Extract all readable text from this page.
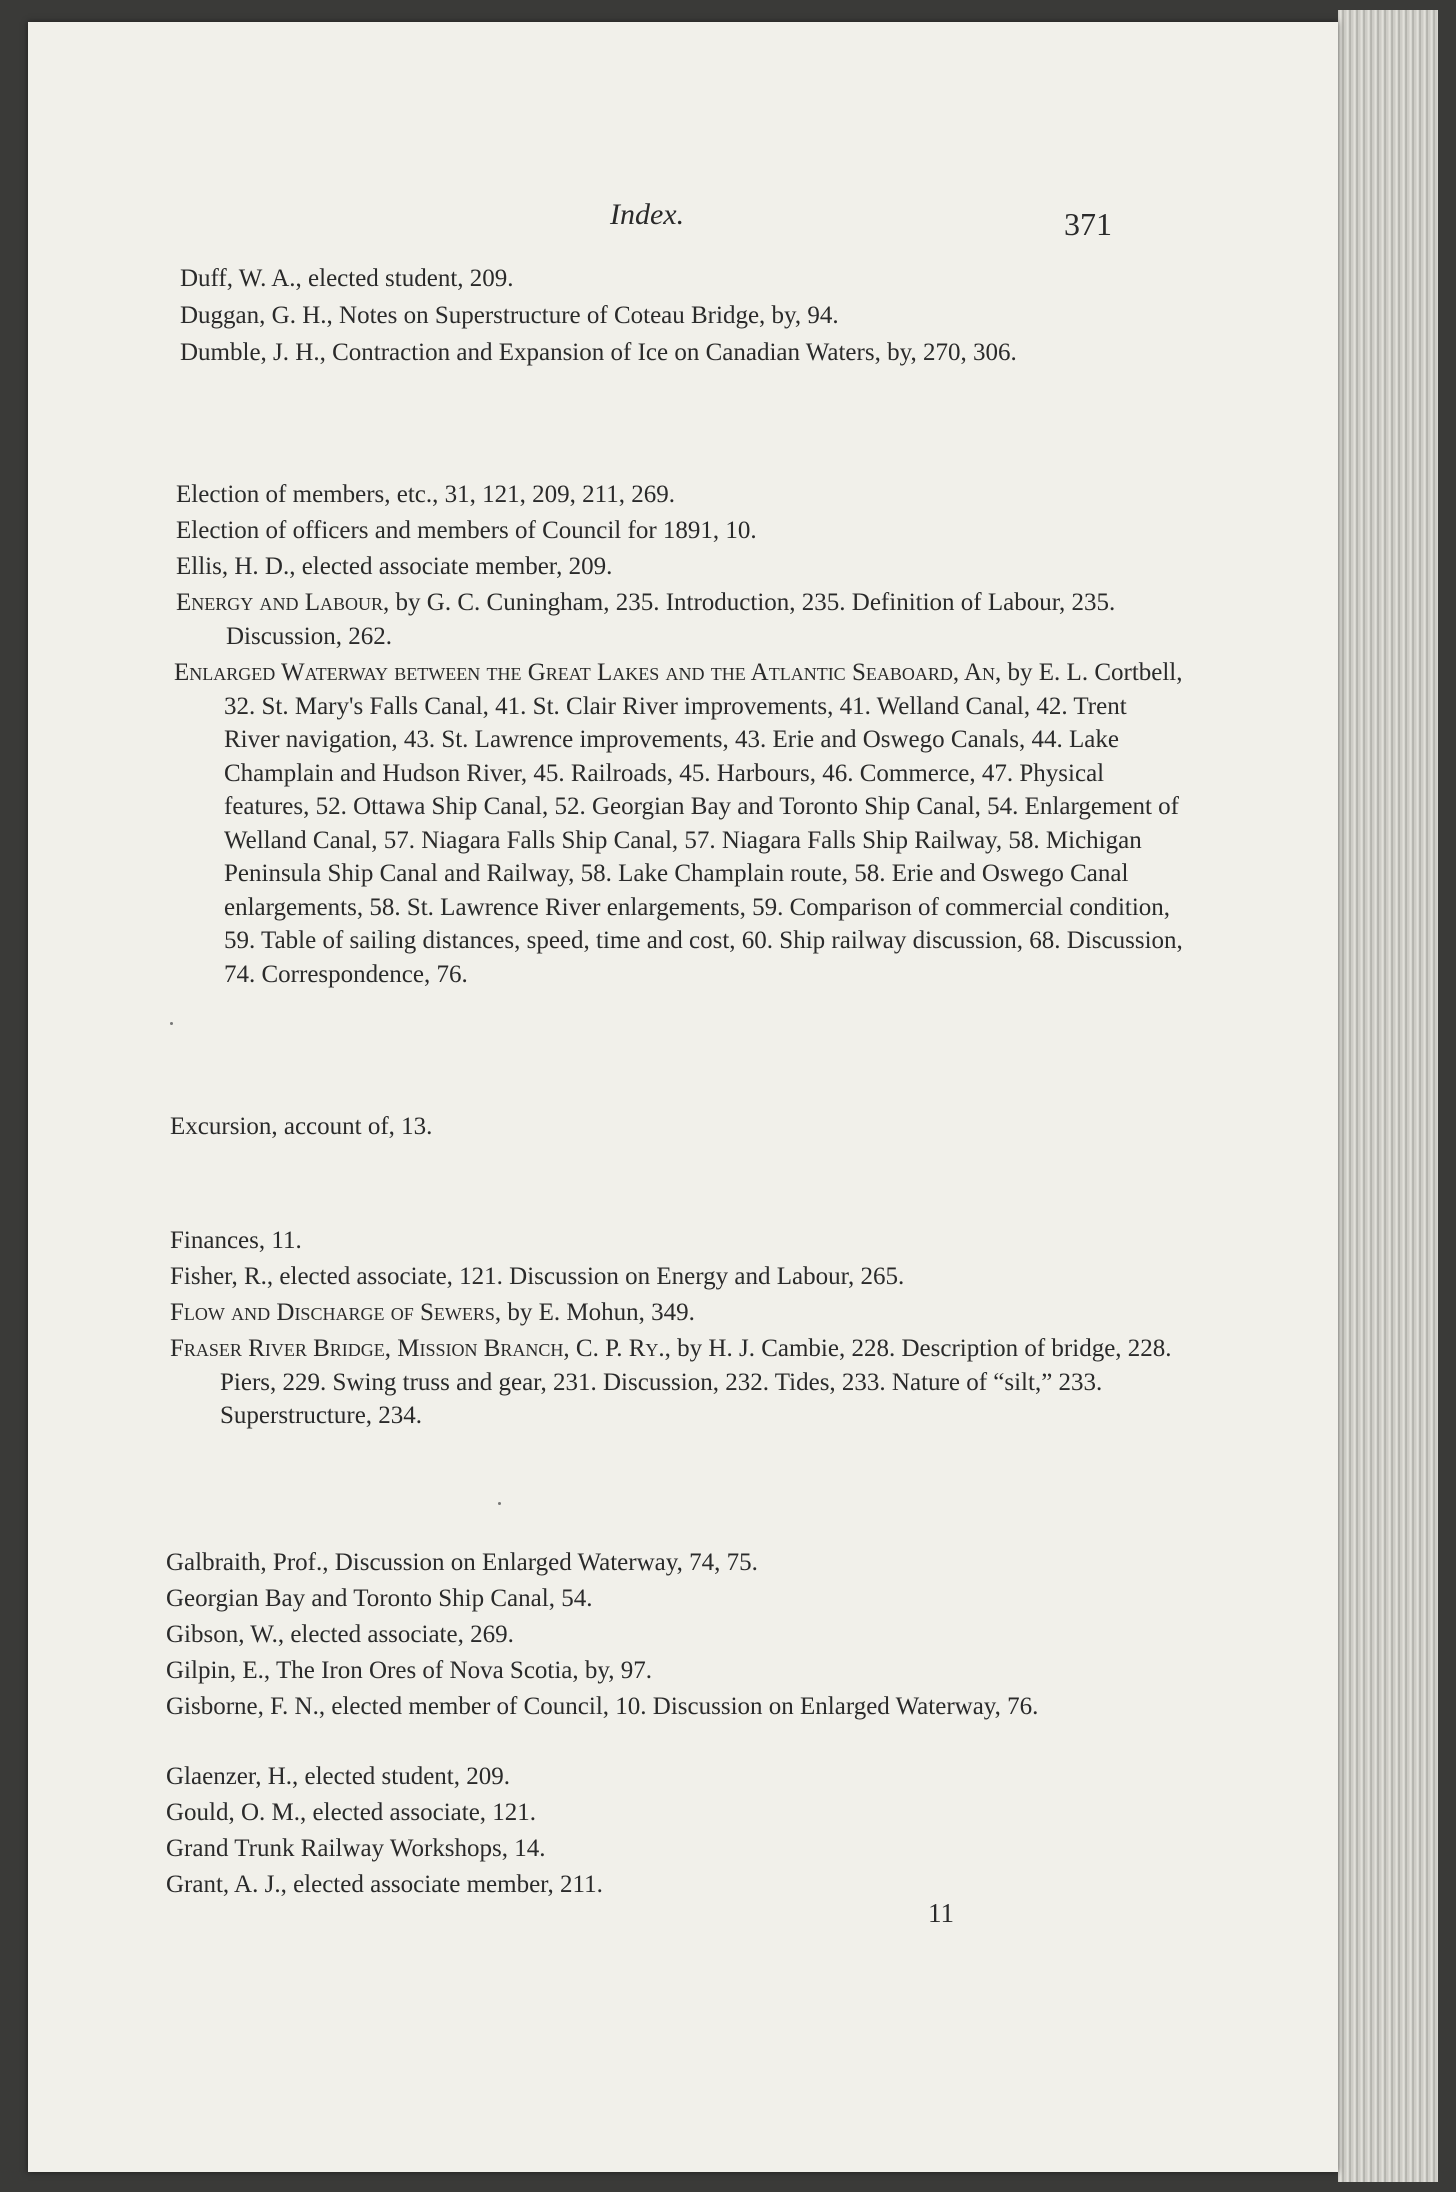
Index.	371
Duff, W. A., elected student, 209.
Duggan, G. H., Notes on Superstructure of Coteau Bridge, by, 94.
Dumble, J. H., Contraction and Expansion of Ice on Canadian Waters, by, 270, 306.
Election of members, etc., 31, 121, 209, 211, 269.
Election of officers and members of Council for 1891, 10.
Ellis, H. D., elected associate member, 209.
Energy and Labour, by G. C. Cuningham, 235. Introduction, 235. Definition of Labour, 235. Discussion, 262.
Enlarged Waterway between the Great Lakes and the Atlantic Seaboard, An, by E. L. Cortbell, 32. St. Mary's Falls Canal, 41. St. Clair River improvements, 41. Welland Canal, 42. Trent River navigation, 43. St. Lawrence improvements, 43. Erie and Oswego Canals, 44. Lake Champlain and Hudson River, 45. Railroads, 45. Harbours, 46. Commerce, 47. Physical features, 52. Ottawa Ship Canal, 52. Georgian Bay and Toronto Ship Canal, 54. Enlargement of Welland Canal, 57. Niagara Falls Ship Canal, 57. Niagara Falls Ship Railway, 58. Michigan Peninsula Ship Canal and Railway, 58. Lake Champlain route, 58. Erie and Oswego Canal enlargements, 58. St. Lawrence River enlargements, 59. Comparison of commercial condition, 59. Table of sailing distances, speed, time and cost, 60. Ship railway discussion, 68. Discussion, 74. Correspondence, 76.
Excursion, account of, 13.
Finances, 11.
Fisher, R., elected associate, 121. Discussion on Energy and Labour, 265.
Flow and Discharge of Sewers, by E. Mohun, 349.
Fraser River Bridge, Mission Branch, C. P. Ry., by H. J. Cambie, 228. Description of bridge, 228. Piers, 229. Swing truss and gear, 231. Discussion, 232. Tides, 233. Nature of “silt,” 233. Superstructure, 234.
Galbraith, Prof., Discussion on Enlarged Waterway, 74, 75.
Georgian Bay and Toronto Ship Canal, 54.
Gibson, W., elected associate, 269.
Gilpin, E., The Iron Ores of Nova Scotia, by, 97.
Gisborne, F. N., elected member of Council, 10. Discussion on Enlarged Waterway, 76.
Glaenzer, H., elected student, 209.
Gould, O. M., elected associate, 121.
Grand Trunk Railway Workshops, 14.
Grant, A. J., elected associate member, 211.
11
